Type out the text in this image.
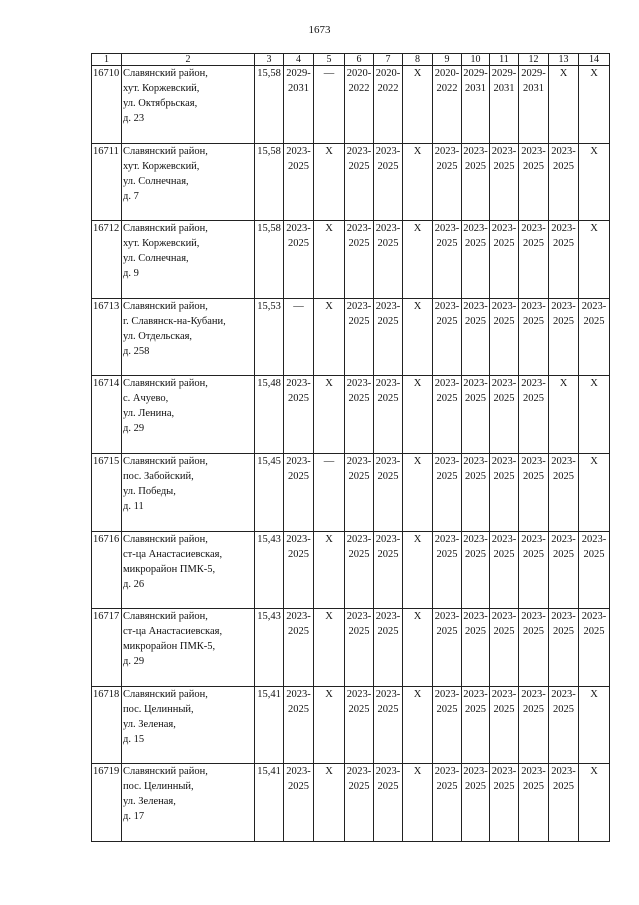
1673
1	2	3	4	5	6	7	8	9	10	11	12	13	14
16710	Славянский район,
хут. Коржевский,
ул. Октябрьская,
д. 23	15,58	2029-2031	—	2020-2022	2020-2022	Х	2020-2022	2029-2031	2029-2031	2029-2031	Х	Х
16711	Славянский район,
хут. Коржевский,
ул. Солнечная,
д. 7	15,58	2023-2025	Х	2023-2025	2023-2025	Х	2023-2025	2023-2025	2023-2025	2023-2025	2023-2025	Х
16712	Славянский район,
хут. Коржевский,
ул. Солнечная,
д. 9	15,58	2023-2025	Х	2023-2025	2023-2025	Х	2023-2025	2023-2025	2023-2025	2023-2025	2023-2025	Х
16713	Славянский район,
г. Славянск-на-Кубани,
ул. Отдельская,
д. 258	15,53	—	Х	2023-2025	2023-2025	Х	2023-2025	2023-2025	2023-2025	2023-2025	2023-2025	2023-2025
16714	Славянский район,
с. Ачуево,
ул. Ленина,
д. 29	15,48	2023-2025	Х	2023-2025	2023-2025	Х	2023-2025	2023-2025	2023-2025	2023-2025	Х	Х
16715	Славянский район,
пос. Забойский,
ул. Победы,
д. 11	15,45	2023-2025	—	2023-2025	2023-2025	Х	2023-2025	2023-2025	2023-2025	2023-2025	2023-2025	Х
16716	Славянский район,
ст-ца Анастасиевская,
микрорайон ПМК-5,
д. 26	15,43	2023-2025	Х	2023-2025	2023-2025	Х	2023-2025	2023-2025	2023-2025	2023-2025	2023-2025	2023-2025
16717	Славянский район,
ст-ца Анастасиевская,
микрорайон ПМК-5,
д. 29	15,43	2023-2025	Х	2023-2025	2023-2025	Х	2023-2025	2023-2025	2023-2025	2023-2025	2023-2025	2023-2025
16718	Славянский район,
пос. Целинный,
ул. Зеленая,
д. 15	15,41	2023-2025	Х	2023-2025	2023-2025	Х	2023-2025	2023-2025	2023-2025	2023-2025	2023-2025	Х
16719	Славянский район,
пос. Целинный,
ул. Зеленая,
д. 17	15,41	2023-2025	Х	2023-2025	2023-2025	Х	2023-2025	2023-2025	2023-2025	2023-2025	2023-2025	Х
